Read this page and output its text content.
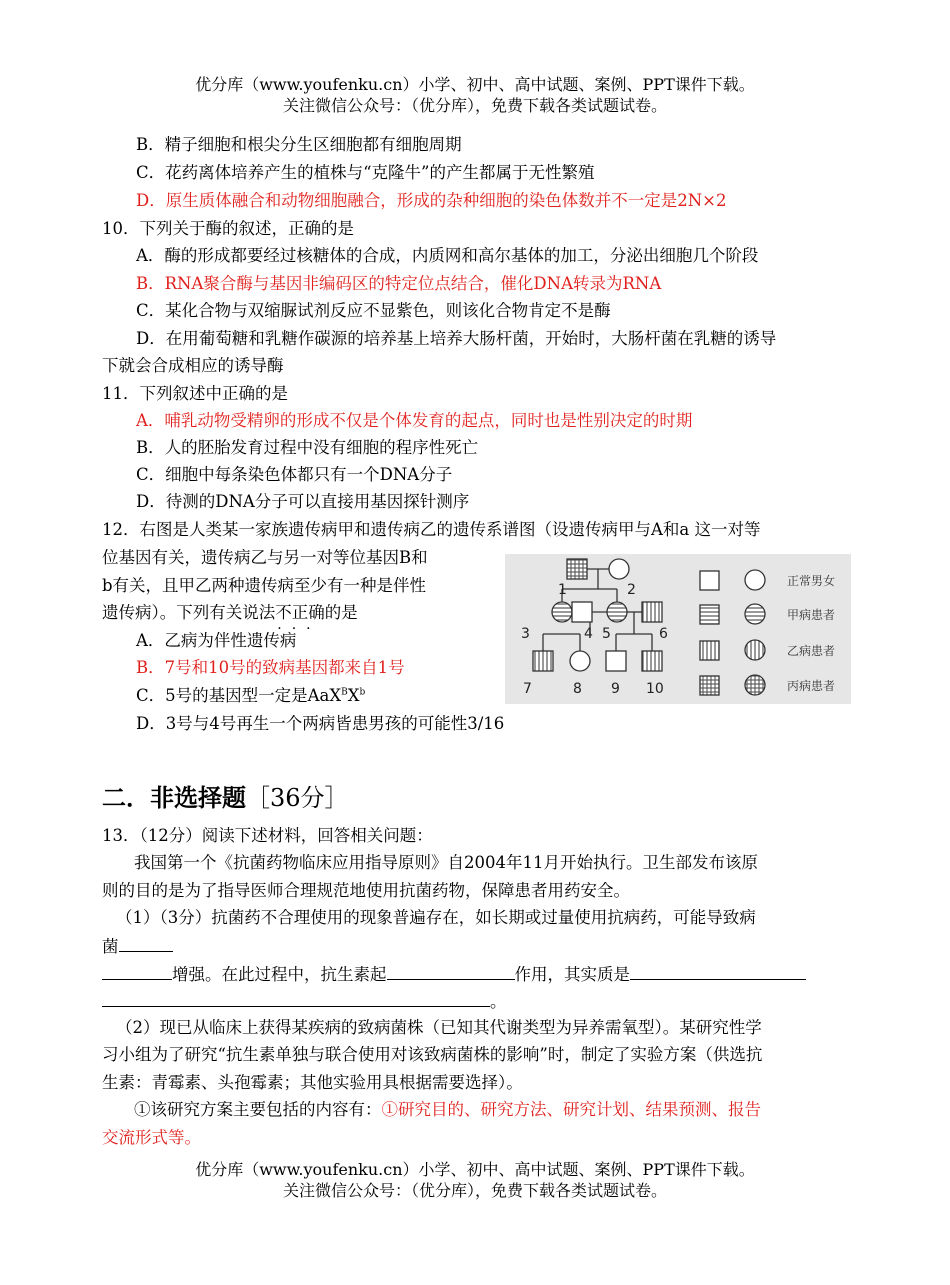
优分库（www.youfenku.cn）小学、初中、高中试题、案例、PPT课件下载。
关注微信公众号：（优分库），免费下载各类试题试卷。
B．精子细胞和根尖分生区细胞都有细胞周期
C．花药离体培养产生的植株与“克隆牛”的产生都属于无性繁殖
D．原生质体融合和动物细胞融合，形成的杂种细胞的染色体数并不一定是2N×2
10．下列关于酶的叙述，正确的是
A．酶的形成都要经过核糖体的合成，内质网和高尔基体的加工，分泌出细胞几个阶段
B．RNA聚合酶与基因非编码区的特定位点结合，催化DNA转录为RNA
C．某化合物与双缩脲试剂反应不显紫色，则该化合物肯定不是酶
D．在用葡萄糖和乳糖作碳源的培养基上培养大肠杆菌，开始时，大肠杆菌在乳糖的诱导
下就会合成相应的诱导酶
11．下列叙述中正确的是
A．哺乳动物受精卵的形成不仅是个体发育的起点，同时也是性别决定的时期
B．人的胚胎发育过程中没有细胞的程序性死亡
C．细胞中每条染色体都只有一个DNA分子
D．待测的DNA分子可以直接用基因探针测序
12．右图是人类某一家族遗传病甲和遗传病乙的遗传系谱图（设遗传病甲与A和a 这一对等
位基因有关，遗传病乙与另一对等位基因B和
b有关，且甲乙两种遗传病至少有一种是伴性
遗传病）。下列有关说法不正确
···
的是
A．乙病为伴性遗传病
B．7号和10号的致病基因都来自1号
C．5号的基因型一定是$AaX^BX^b$
D．3号与4号再生一个两病皆患男孩的可能性3/16
1	2
3	4 5	6
7	8 9 10
正常男女
甲病患者
乙病患者
丙病患者
二．非选择题［36分］
13．（12分）阅读下述材料，回答相关问题：
我国第一个《抗菌药物临床应用指导原则》自2004年11月开始执行。卫生部发布该原
则的目的是为了指导医师合理规范地使用抗菌药物，保障患者用药安全。
（1）（3分）抗菌药不合理使用的现象普遍存在，如长期或过量使用抗病药，可能导致病
菌
增强。在此过程中，抗生素起	作用，其实质是
。
（2）现已从临床上获得某疾病的致病菌株（已知其代谢类型为异养需氧型）。某研究性学
习小组为了研究“抗生素单独与联合使用对该致病菌株的影响”时，制定了实验方案（供选抗
生素：青霉素、头孢霉素；其他实验用具根据需要选择）。
①该研究方案主要包括的内容有：①研究目的、研究方法、研究计划、结果预测、报告
交流形式等。
优分库（www.youfenku.cn）小学、初中、高中试题、案例、PPT课件下载。
关注微信公众号：（优分库），免费下载各类试题试卷。
